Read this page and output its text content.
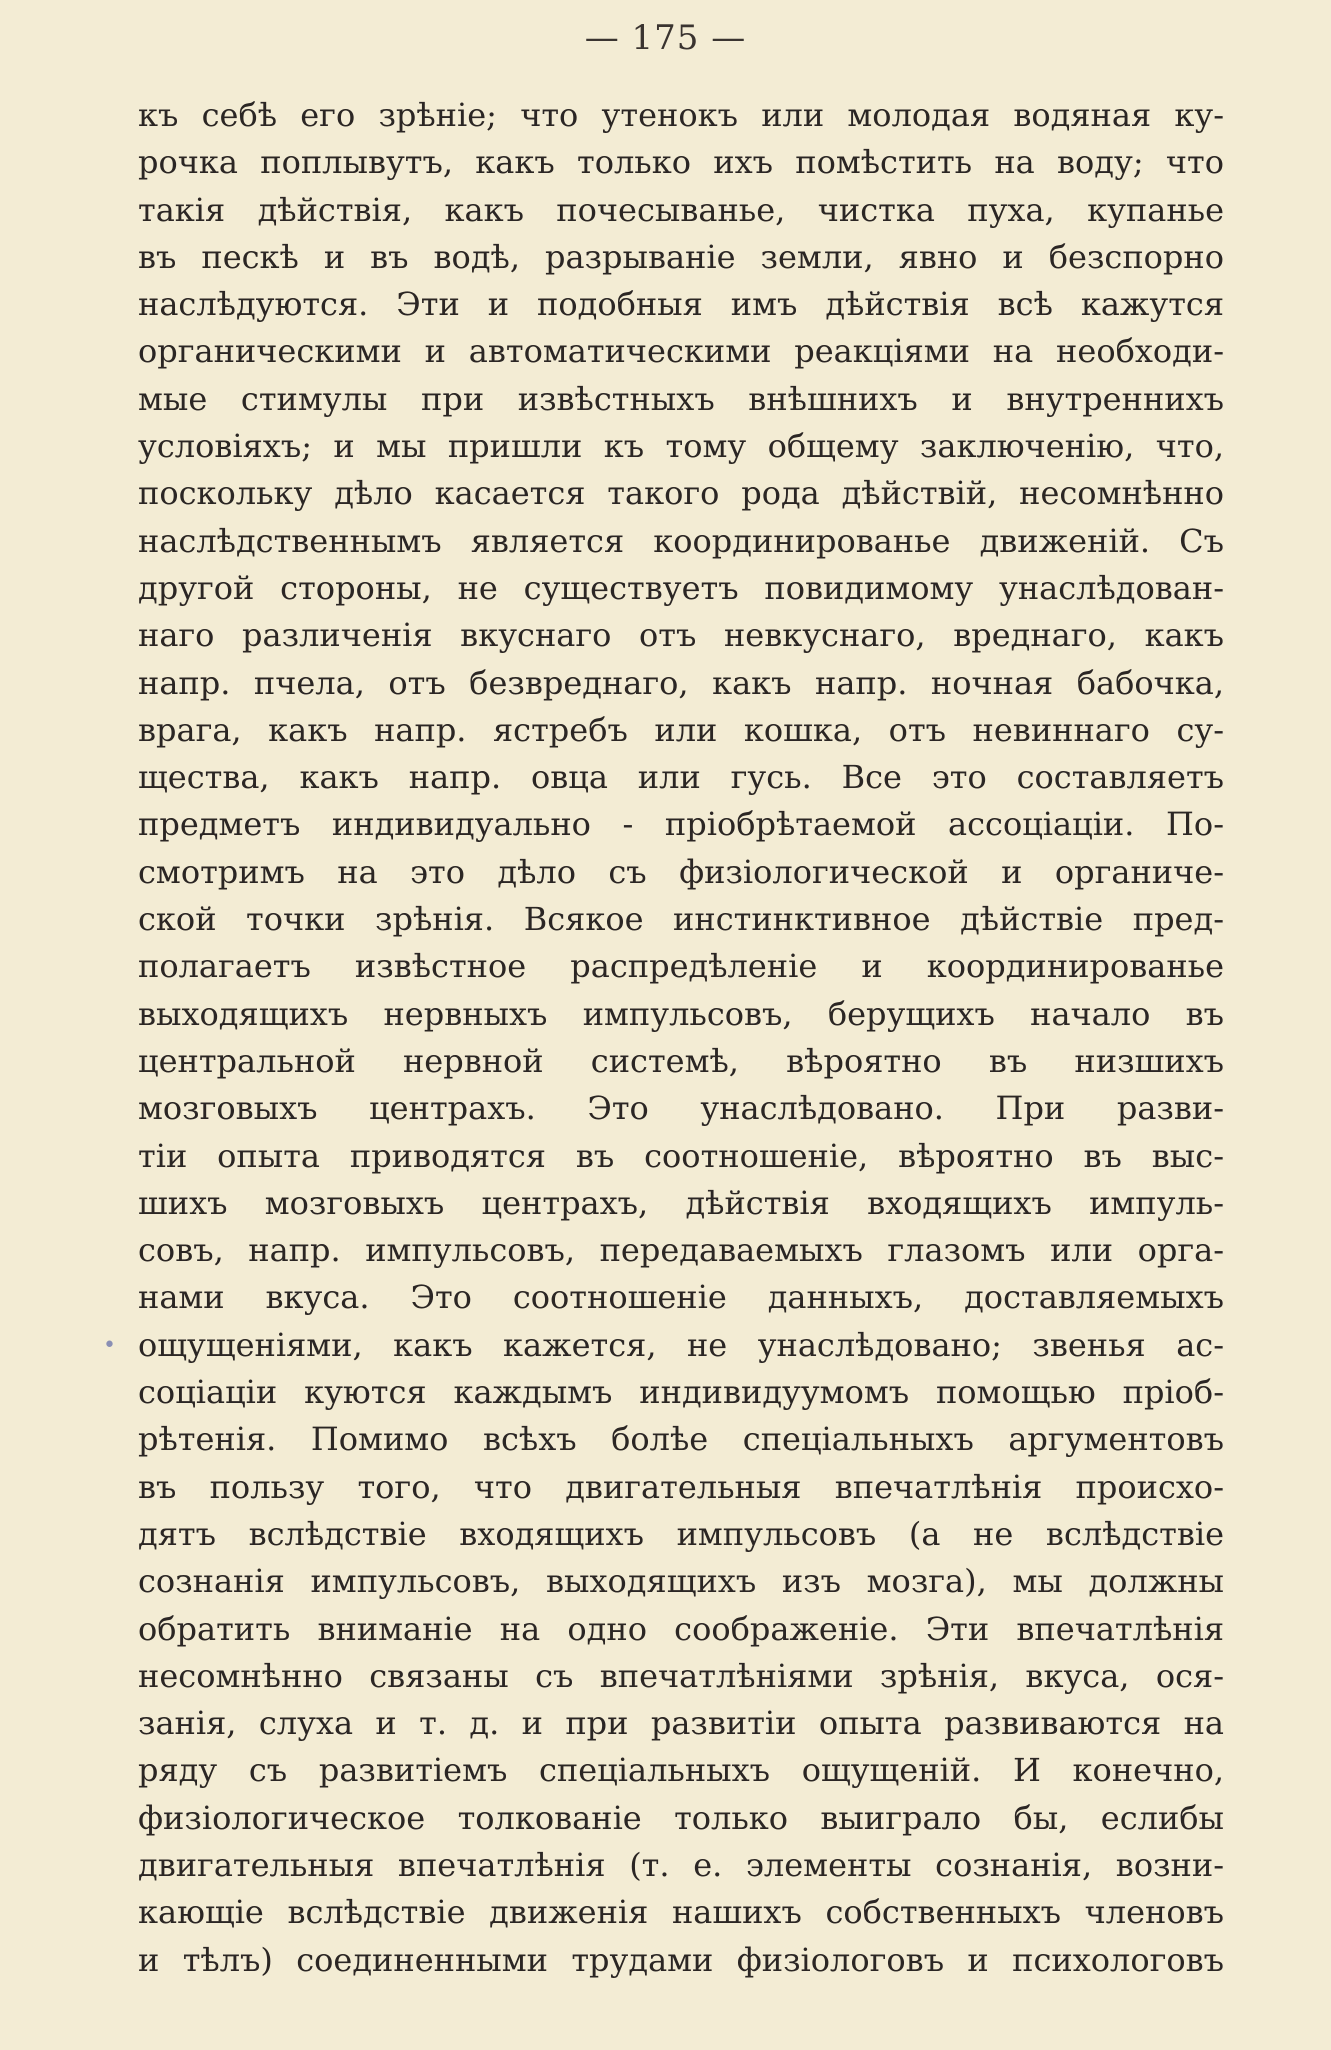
— 175 —
•
къ себѣ его зрѣніе; что утенокъ или молодая водяная ку-
рочка поплывутъ, какъ только ихъ помѣстить на воду; что
такія дѣйствія, какъ почесыванье, чистка пуха, купанье
въ пескѣ и въ водѣ, разрываніе земли, явно и безспорно
наслѣдуются. Эти и подобныя имъ дѣйствія всѣ кажутся
органическими и автоматическими реакціями на необходи-
мые стимулы при извѣстныхъ внѣшнихъ и внутреннихъ
условіяхъ; и мы пришли къ тому общему заключенію, что,
поскольку дѣло касается такого рода дѣйствій, несомнѣнно
наслѣдственнымъ является координированье движеній. Съ
другой стороны, не существуетъ повидимому унаслѣдован-
наго различенія вкуснаго отъ невкуснаго, вреднаго, какъ
напр. пчела, отъ безвреднаго, какъ напр. ночная бабочка,
врага, какъ напр. ястребъ или кошка, отъ невиннаго су-
щества, какъ напр. овца или гусь. Все это составляетъ
предметъ индивидуально - пріобрѣтаемой ассоціаціи. По-
смотримъ на это дѣло съ физіологической и органиче-
ской точки зрѣнія. Всякое инстинктивное дѣйствіе пред-
полагаетъ извѣстное распредѣленіе и координированье
выходящихъ нервныхъ импульсовъ, берущихъ начало въ
центральной нервной системѣ, вѣроятно въ низшихъ
мозговыхъ центрахъ. Это унаслѣдовано. При разви-
тіи опыта приводятся въ соотношеніе, вѣроятно въ выс-
шихъ мозговыхъ центрахъ, дѣйствія входящихъ импуль-
совъ, напр. импульсовъ, передаваемыхъ глазомъ или орга-
нами вкуса. Это соотношеніе данныхъ, доставляемыхъ
ощущеніями, какъ кажется, не унаслѣдовано; звенья ас-
соціаціи куются каждымъ индивидуумомъ помощью пріоб-
рѣтенія. Помимо всѣхъ болѣе спеціальныхъ аргументовъ
въ пользу того, что двигательныя впечатлѣнія происхо-
дятъ вслѣдствіе входящихъ импульсовъ (а не вслѣдствіе
сознанія импульсовъ, выходящихъ изъ мозга), мы должны
обратить вниманіе на одно соображеніе. Эти впечатлѣнія
несомнѣнно связаны съ впечатлѣніями зрѣнія, вкуса, ося-
занія, слуха и т. д. и при развитіи опыта развиваются на
ряду съ развитіемъ спеціальныхъ ощущеній. И конечно,
физіологическое толкованіе только выиграло бы, еслибы
двигательныя впечатлѣнія (т. е. элементы сознанія, возни-
кающіе вслѣдствіе движенія нашихъ собственныхъ членовъ
и тѣлъ) соединенными трудами физіологовъ и психологовъ
